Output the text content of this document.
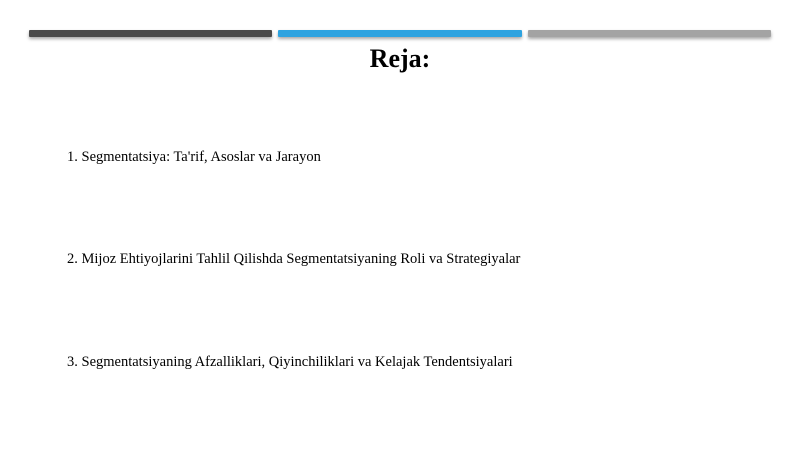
Reja:
1. Segmentatsiya: Ta'rif, Asoslar va Jarayon
2. Mijoz Ehtiyojlarini Tahlil Qilishda Segmentatsiyaning Roli va Strategiyalar
3. Segmentatsiyaning Afzalliklari, Qiyinchiliklari va Kelajak Tendentsiyalari
